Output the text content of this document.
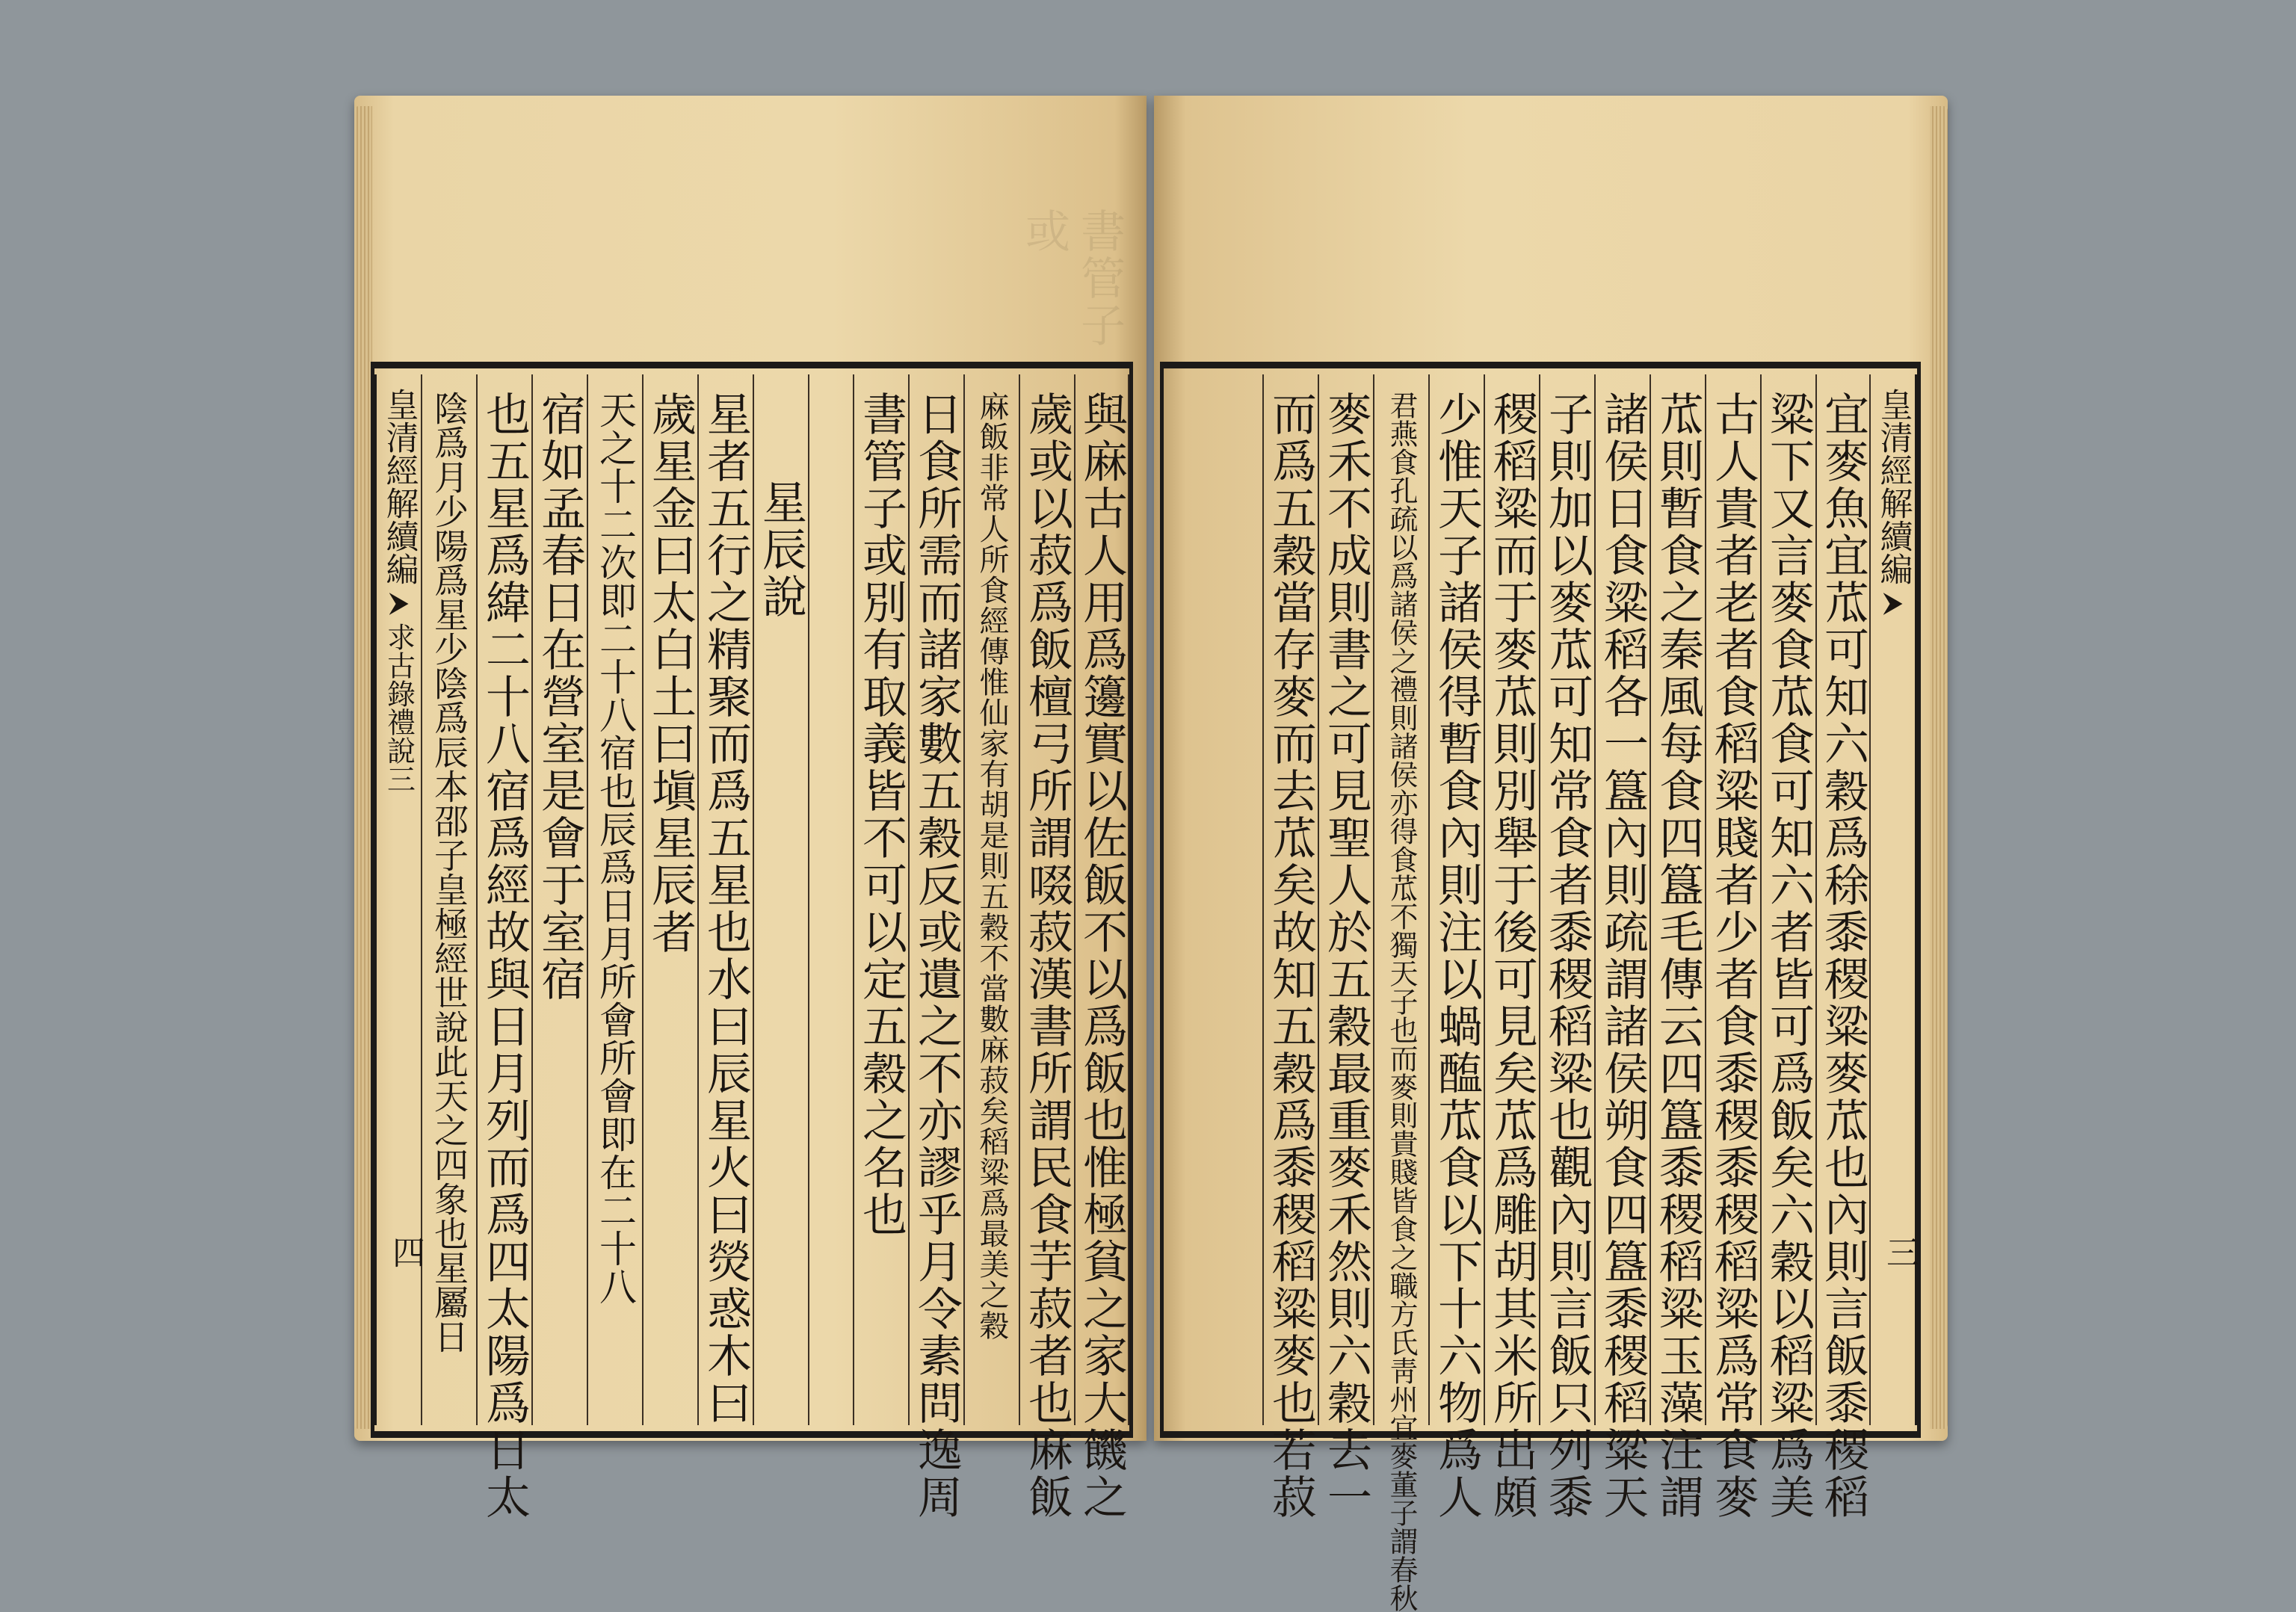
書管子或
與麻古人用爲籩實以佐飯不以爲飯也惟極貧之家大饑之
歲或以菽爲飯檀弓所謂啜菽漢書所謂民食芋菽者也麻飯
麻飯非常人所食經傳惟仙家有胡是則五穀不當數麻菽矣稻粱爲最美之穀
日食所需而諸家數五穀反或遺之不亦謬乎月令素問逸周
書管子或別有取義皆不可以定五穀之名也
星辰說
星者五行之精聚而爲五星也水曰辰星火曰熒惑木曰
歲星金曰太白土曰塡星辰者
天之十二次即二十八宿也辰爲日月所會所會即在二十八
宿如孟春日在營室是會于室宿
也五星爲緯二十八宿爲經故與日月列而爲四太陽爲日太
陰爲月少陽爲星少陰爲辰本邵子皇極經世說此天之四象也星屬日
皇清經解續編
求古錄禮說三
四
皇清經解續編
三
宜麥魚宜苽可知六穀爲稌黍稷粱麥苽也內則言飯黍稷稻
粱下又言麥食苽食可知六者皆可爲飯矣六穀以稻粱爲美
古人貴者老者食稻粱賤者少者食黍稷黍稷稻粱爲常食麥
苽則暫食之秦風每食四簋毛傳云四簋黍稷稻粱玉藻注謂
諸侯日食粱稻各一簋內則疏謂諸侯朔食四簋黍稷稻粱天
子則加以麥苽可知常食者黍稷稻粱也觀內則言飯只列黍
稷稻粱而于麥苽則別舉于後可見矣苽爲雕胡其米所出頗
少惟天子諸侯得暫食內則注以蝸醢苽食以下十六物爲人
君燕食孔疏以爲諸侯之禮則諸侯亦得食苽不獨天子也而麥則貴賤皆食之職方氏靑州宜麥董子謂春秋
麥禾不成則書之可見聖人於五穀最重麥禾然則六穀去一
而爲五穀當存麥而去苽矣故知五穀爲黍稷稻粱麥也若菽
